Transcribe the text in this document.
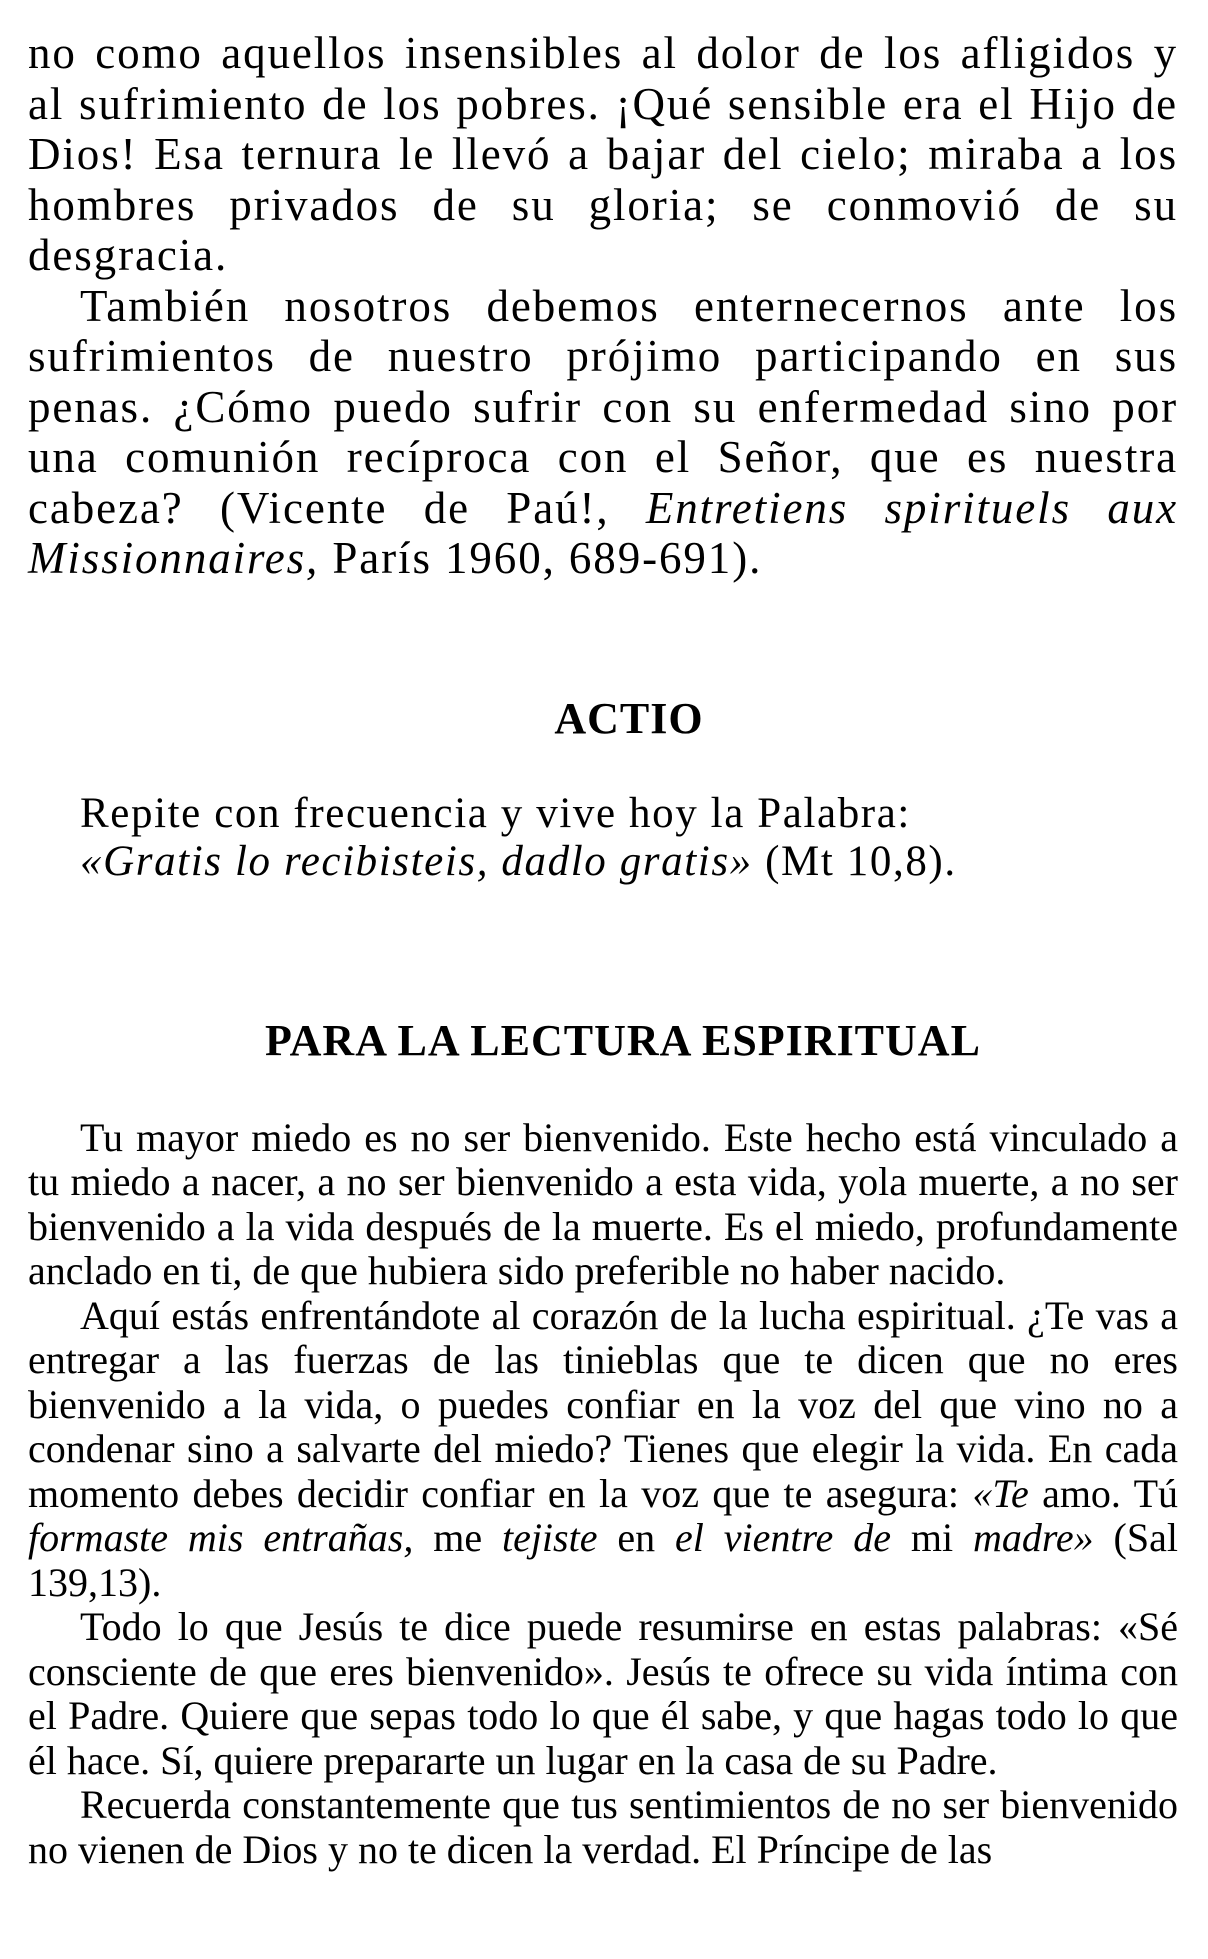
no como aquellos insensibles al dolor de los afligidos y al sufrimiento de los pobres. ¡Qué sensible era el Hijo de Dios! Esa ternura le llevó a bajar del cielo; miraba a los hombres privados de su gloria; se conmovió de su desgracia.

También nosotros debemos enternecernos ante los sufrimientos de nuestro prójimo participando en sus penas. ¿Cómo puedo sufrir con su enfermedad sino por una comunión recíproca con el Señor, que es nuestra cabeza? (Vicente de Paú!, Entretiens spirituels aux Missionnaires, París 1960, 689-691).

ACTIO

Repite con frecuencia y vive hoy la Palabra:

«Gratis lo recibisteis, dadlo gratis» (Mt 10,8).

PARA LA LECTURA ESPIRITUAL

Tu mayor miedo es no ser bienvenido. Este hecho está vinculado a tu miedo a nacer, a no ser bienvenido a esta vida, yola muerte, a no ser bienvenido a la vida después de la muerte. Es el miedo, profundamente anclado en ti, de que hubiera sido preferible no haber nacido.

Aquí estás enfrentándote al corazón de la lucha espiritual. ¿Te vas a entregar a las fuerzas de las tinieblas que te dicen que no eres bienvenido a la vida, o puedes confiar en la voz del que vino no a condenar sino a salvarte del miedo? Tienes que elegir la vida. En cada momento debes decidir confiar en la voz que te asegura: «Te amo. Tú formaste mis entrañas, me tejiste en el vientre de mi madre» (Sal 139,13).

Todo lo que Jesús te dice puede resumirse en estas palabras: «Sé consciente de que eres bienvenido». Jesús te ofrece su vida íntima con el Padre. Quiere que sepas todo lo que él sabe, y que hagas todo lo que él hace. Sí, quiere prepararte un lugar en la casa de su Padre.

Recuerda constantemente que tus sentimientos de no ser bienvenido no vienen de Dios y no te dicen la verdad. El Príncipe de las
